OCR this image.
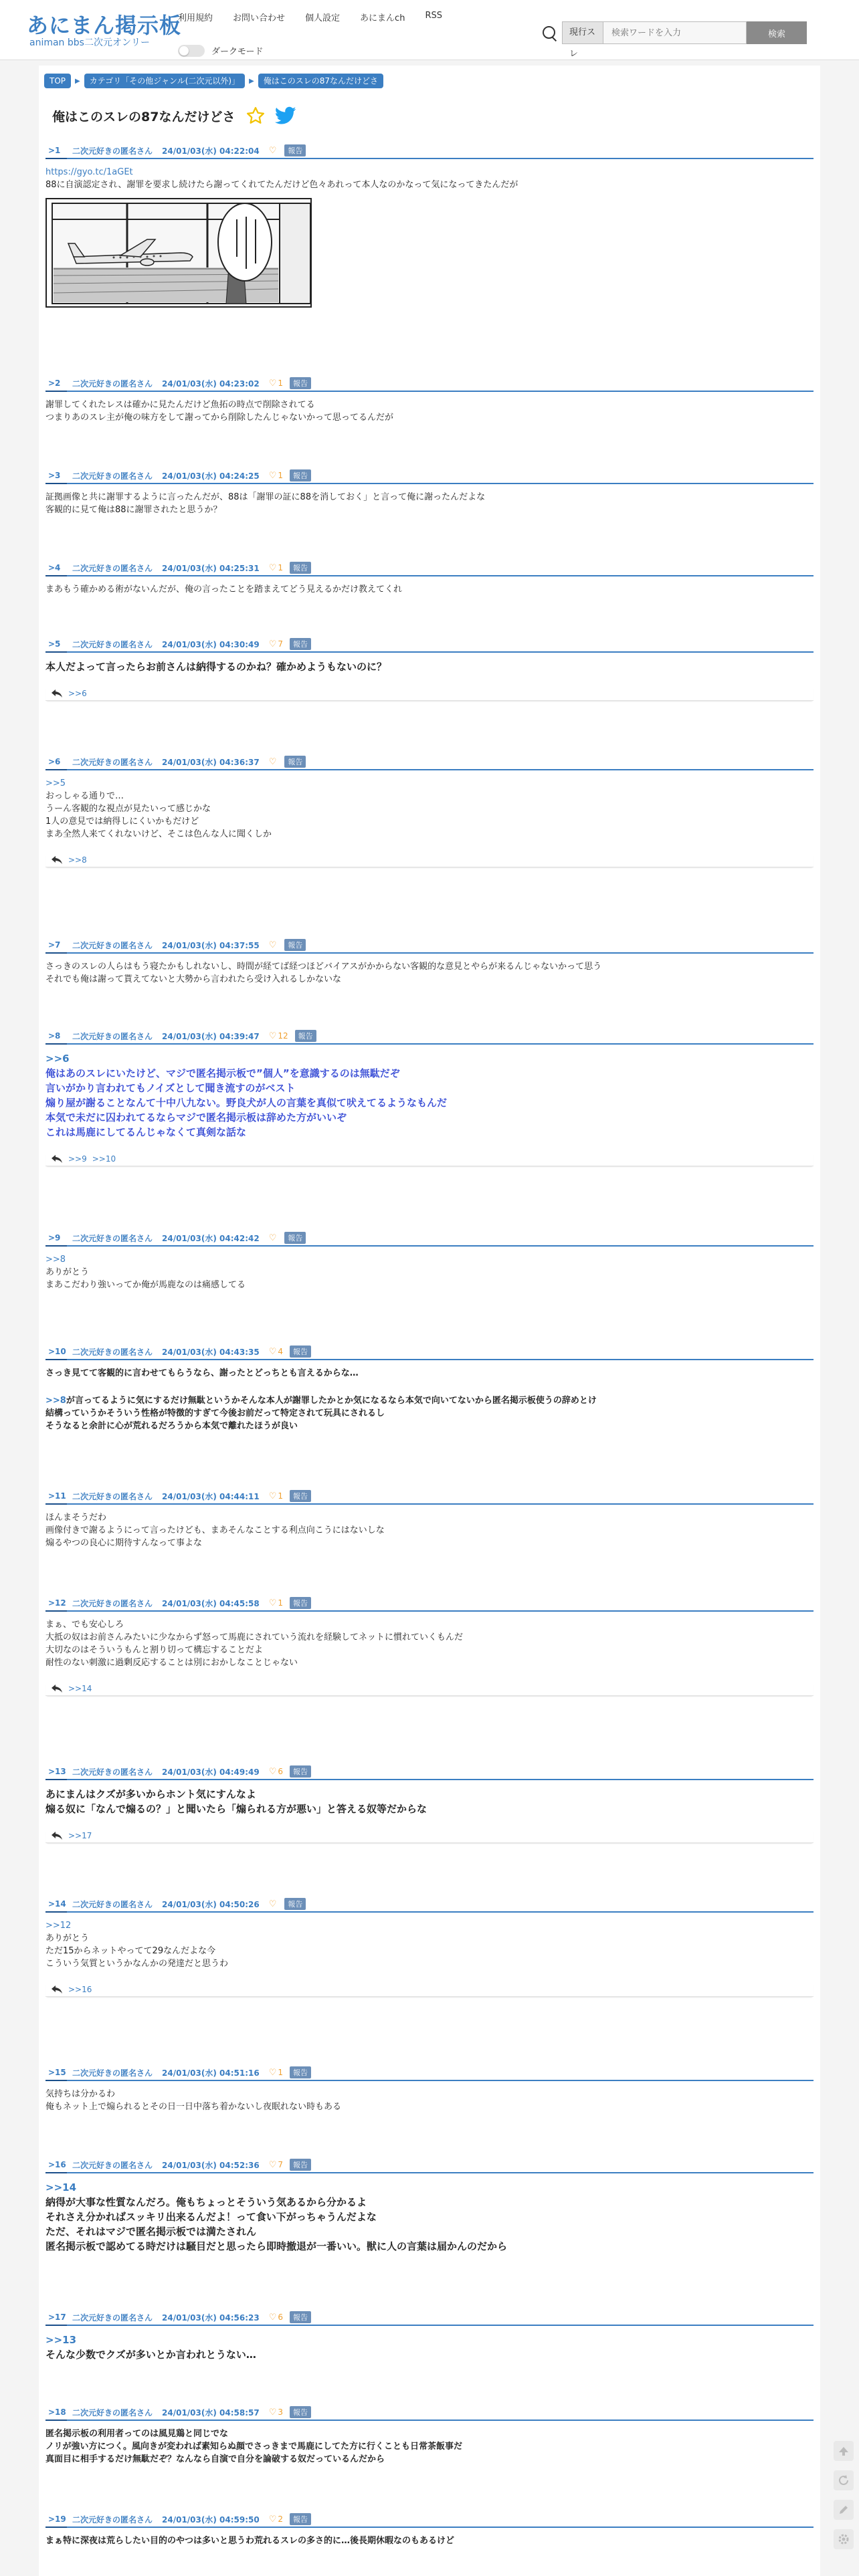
あにまん掲示板
animan bbs二次元オンリー
利用規約 お問い合わせ 個人設定 あにまんch RSS
ダークモード
現行スレ
検索ワードを入力
検索
TOP	▶	カテゴリ「その他ジャンル(二次元以外)」	▶	俺はこのスレの87なんだけどさ
俺はこのスレの87なんだけどさ
>1	二次元好きの匿名さん 24/01/03(水) 04:22:04 ♡	報告
https://gyo.tc/1aGEt
88に自演認定され、謝罪を要求し続けたら謝ってくれてたんだけど色々あれって本人なのかなって気になってきたんだが
>2	二次元好きの匿名さん 24/01/03(水) 04:23:02 ♡ 1	報告
謝罪してくれたレスは確かに見たんだけど魚拓の時点で削除されてる
つまりあのスレ主が俺の味方をして謝ってから削除したんじゃないかって思ってるんだが
>3	二次元好きの匿名さん 24/01/03(水) 04:24:25 ♡ 1	報告
証拠画像と共に謝罪するように言ったんだが、88は「謝罪の証に88を消しておく」と言って俺に謝ったんだよな
客観的に見て俺は88に謝罪されたと思うか？
>4	二次元好きの匿名さん 24/01/03(水) 04:25:31 ♡ 1	報告
まあもう確かめる術がないんだが、俺の言ったことを踏まえてどう見えるかだけ教えてくれ
>5	二次元好きの匿名さん 24/01/03(水) 04:30:49 ♡ 7	報告
本人だよって言ったらお前さんは納得するのかね？確かめようもないのに？
>>6
>6	二次元好きの匿名さん 24/01/03(水) 04:36:37 ♡	報告
>>5
おっしゃる通りで…
うーん客観的な視点が見たいって感じかな
1人の意見では納得しにくいかもだけど
まあ全然人来てくれないけど、そこは色んな人に聞くしか
>>8
>7	二次元好きの匿名さん 24/01/03(水) 04:37:55 ♡	報告
さっきのスレの人らはもう寝たかもしれないし、時間が経てば経つほどバイアスがかからない客観的な意見とやらが来るんじゃないかって思う
それでも俺は謝って貰えてないと大勢から言われたら受け入れるしかないな
>8	二次元好きの匿名さん 24/01/03(水) 04:39:47 ♡ 12	報告
>>6
俺はあのスレにいたけど、マジで匿名掲示板で”個人”を意識するのは無駄だぞ
言いがかり言われてもノイズとして聞き流すのがベスト
煽り屋が謝ることなんて十中八九ない。野良犬が人の言葉を真似て吠えてるようなもんだ
本気で未だに囚われてるならマジで匿名掲示板は辞めた方がいいぞ
これは馬鹿にしてるんじゃなくて真剣な話な
>>9 >>10
>9	二次元好きの匿名さん 24/01/03(水) 04:42:42 ♡	報告
>>8
ありがとう
まあこだわり強いってか俺が馬鹿なのは痛感してる
>10 二次元好きの匿名さん 24/01/03(水) 04:43:35 ♡ 4	報告
さっき見てて客観的に言わせてもらうなら、謝ったとどっちとも言えるからな…
>>8が言ってるように気にするだけ無駄というかそんな本人が謝罪したかとか気になるなら本気で向いてないから匿名掲示板使うの辞めとけ
結構っていうかそういう性格が特徴的すぎて今後お前だって特定されて玩具にされるし
そうなると余計に心が荒れるだろうから本気で離れたほうが良い
>11 二次元好きの匿名さん 24/01/03(水) 04:44:11 ♡ 1	報告
ほんまそうだわ
画像付きで謝るようにって言ったけども、まあそんなことする利点向こうにはないしな
煽るやつの良心に期待すんなって事よな
>12 二次元好きの匿名さん 24/01/03(水) 04:45:58 ♡ 1	報告
まぁ、でも安心しろ
大抵の奴はお前さんみたいに少なからず怒って馬鹿にされていう流れを経験してネットに慣れていくもんだ
大切なのはそういうもんと割り切って構忘することだよ
耐性のない刺激に過剰反応することは別におかしなことじゃない
>>14
>13 二次元好きの匿名さん 24/01/03(水) 04:49:49 ♡ 6	報告
あにまんはクズが多いからホント気にすんなよ
煽る奴に「なんで煽るの？」と聞いたら「煽られる方が悪い」と答える奴等だからな
>>17
>14 二次元好きの匿名さん 24/01/03(水) 04:50:26 ♡	報告
>>12
ありがとう
ただ15からネットやってて29なんだよな今
こういう気質というかなんかの発達だと思うわ
>>16
>15 二次元好きの匿名さん 24/01/03(水) 04:51:16 ♡ 1	報告
気持ちは分かるわ
俺もネット上で煽られるとその日一日中落ち着かないし夜眠れない時もある
>16 二次元好きの匿名さん 24/01/03(水) 04:52:36 ♡ 7	報告
>>14
納得が大事な性質なんだろ。俺もちょっとそういう気あるから分かるよ
それさえ分かればスッキリ出来るんだよ！って食い下がっちゃうんだよな
ただ、それはマジで匿名掲示板では満たされん
匿名掲示板で認めてる時だけは騒目だと思ったら即時撤退が一番いい。獣に人の言葉は届かんのだから
>17 二次元好きの匿名さん 24/01/03(水) 04:56:23 ♡ 6	報告
>>13
そんな少数でクズが多いとか言われとうない…
>18 二次元好きの匿名さん 24/01/03(水) 04:58:57 ♡ 3	報告
匿名掲示板の利用者ってのは風見鶏と同じでな
ノリが強い方につく。風向きが変われば素知らぬ顔でさっきまで馬鹿にしてた方に行くことも日常茶飯事だ
真面目に相手するだけ無駄だぞ？なんなら自演で自分を論破する奴だっているんだから
>19 二次元好きの匿名さん 24/01/03(水) 04:59:50 ♡ 2	報告
まぁ特に深夜は荒らしたい目的のやつは多いと思うわ荒れるスレの多さ的に…後長期休暇なのもあるけど
